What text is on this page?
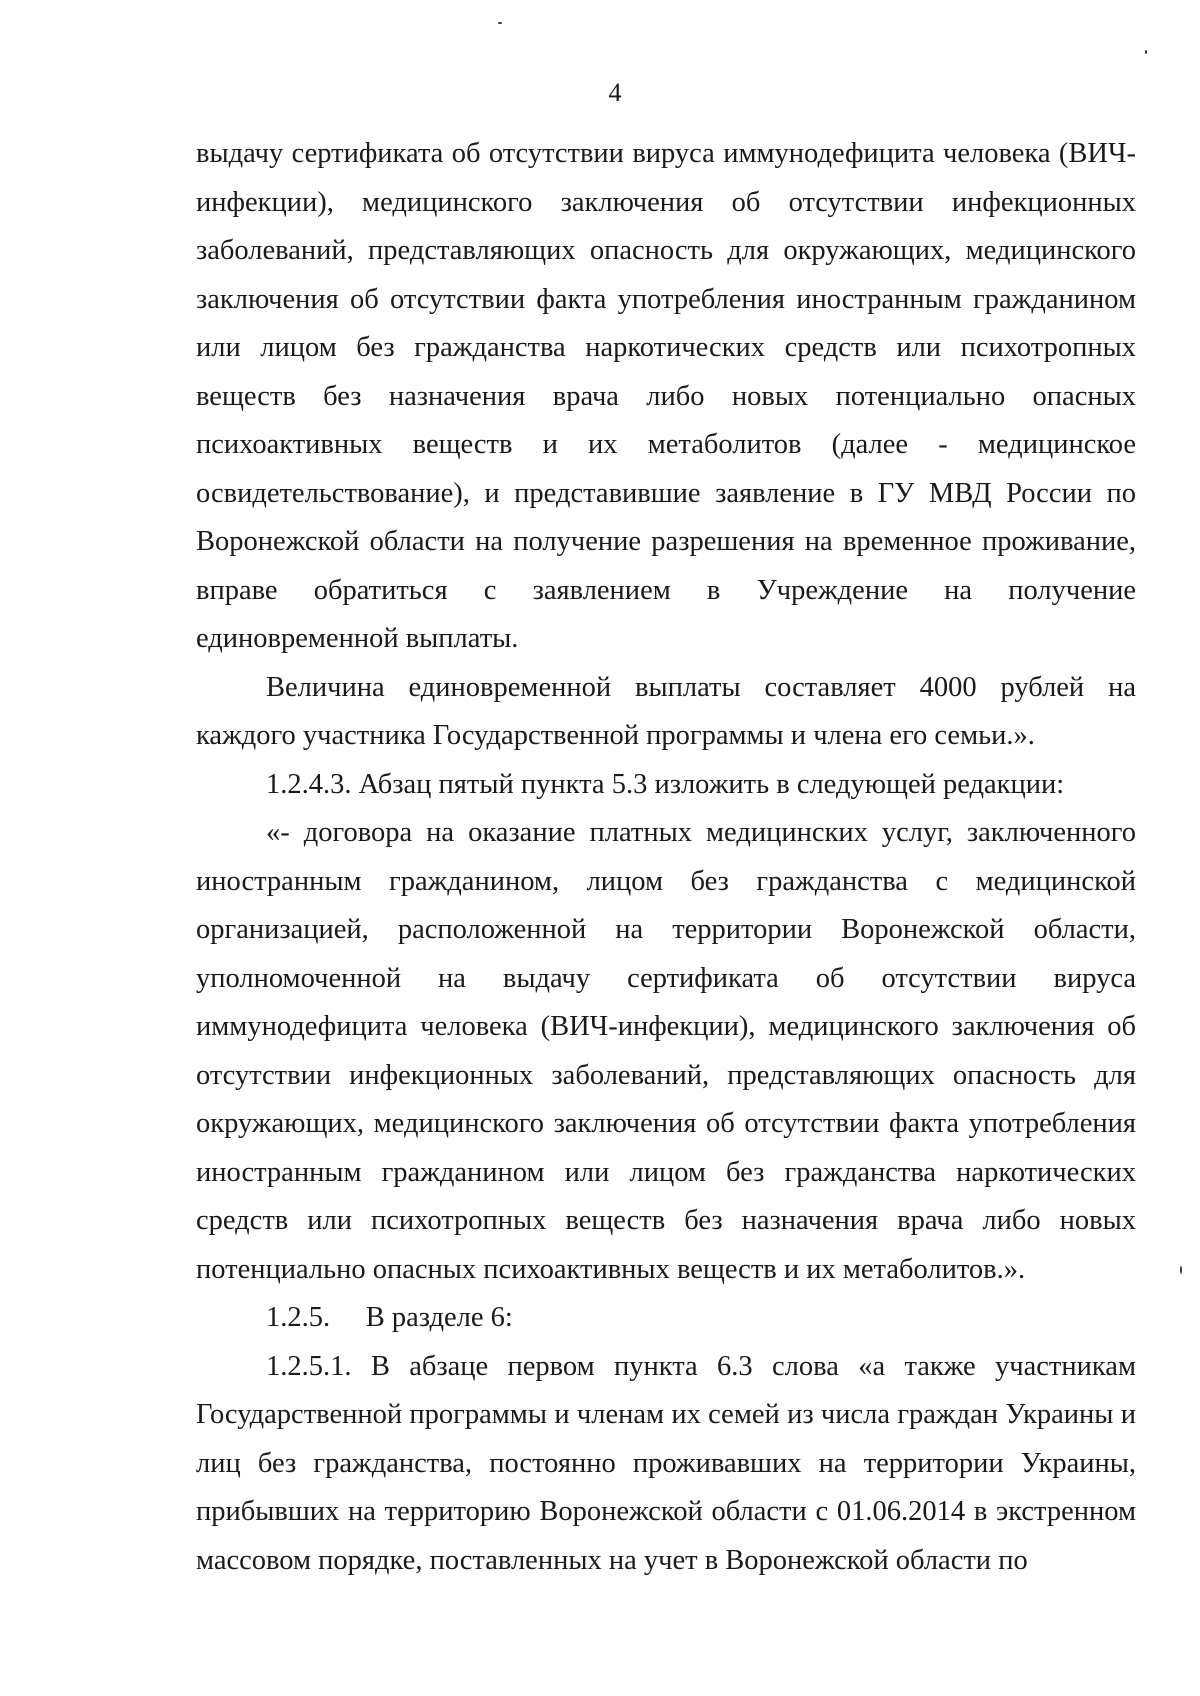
4

выдачу сертификата об отсутствии вируса иммунодефицита человека (ВИЧ-инфекции), медицинского заключения об отсутствии инфекционных заболеваний, представляющих опасность для окружающих, медицинского заключения об отсутствии факта употребления иностранным гражданином или лицом без гражданства наркотических средств или психотропных веществ без назначения врача либо новых потенциально опасных психоактивных веществ и их метаболитов (далее - медицинское освидетельствование), и представившие заявление в ГУ МВД России по Воронежской области на получение разрешения на временное проживание, вправе обратиться с заявлением в Учреждение на получение единовременной выплаты.

Величина единовременной выплаты составляет 4000 рублей на каждого участника Государственной программы и члена его семьи.».

1.2.4.3. Абзац пятый пункта 5.3 изложить в следующей редакции:

«- договора на оказание платных медицинских услуг, заключенного иностранным гражданином, лицом без гражданства с медицинской организацией, расположенной на территории Воронежской области, уполномоченной на выдачу сертификата об отсутствии вируса иммунодефицита человека (ВИЧ-инфекции), медицинского заключения об отсутствии инфекционных заболеваний, представляющих опасность для окружающих, медицинского заключения об отсутствии факта употребления иностранным гражданином или лицом без гражданства наркотических средств или психотропных веществ без назначения врача либо новых потенциально опасных психоактивных веществ и их метаболитов.».

1.2.5.     В разделе 6:

1.2.5.1. В абзаце первом пункта 6.3 слова «а также участникам Государственной программы и членам их семей из числа граждан Украины и лиц без гражданства, постоянно проживавших на территории Украины, прибывших на территорию Воронежской области с 01.06.2014 в экстренном массовом порядке, поставленных на учет в Воронежской области по
